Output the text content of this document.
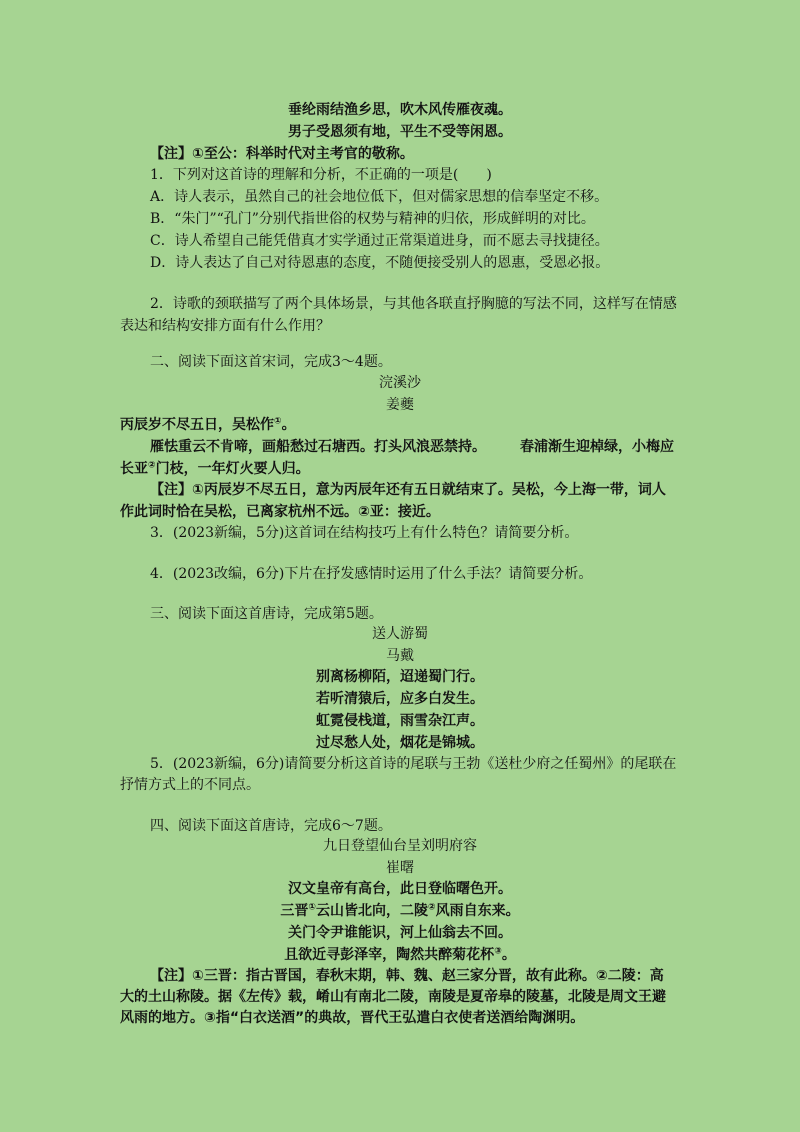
垂纶雨结渔乡思，吹木风传雁夜魂。
男子受恩须有地，平生不受等闲恩。
【注】①至公：科举时代对主考官的敬称。
1．下列对这首诗的理解和分析，不正确的一项是(　　)
A．诗人表示，虽然自己的社会地位低下，但对儒家思想的信奉坚定不移。
B．“朱门”“孔门”分别代指世俗的权势与精神的归依，形成鲜明的对比。
C．诗人希望自己能凭借真才实学通过正常渠道进身，而不愿去寻找捷径。
D．诗人表达了自己对待恩惠的态度，不随便接受别人的恩惠，受恩必报。
2．诗歌的颈联描写了两个具体场景，与其他各联直抒胸臆的写法不同，这样写在情感
表达和结构安排方面有什么作用？
二、阅读下面这首宋词，完成3～4题。
浣溪沙
姜夔
丙辰岁不尽五日，吴松作①。
雁怯重云不肯啼，画船愁过石塘西。打头风浪恶禁持。 春浦渐生迎棹绿，小梅应
长亚②门枝，一年灯火要人归。
【注】①丙辰岁不尽五日，意为丙辰年还有五日就结束了。吴松，今上海一带，词人
作此词时恰在吴松，已离家杭州不远。②亚：接近。
3．(2023新编，5分)这首词在结构技巧上有什么特色？请简要分析。
4．(2023改编，6分)下片在抒发感情时运用了什么手法？请简要分析。
三、阅读下面这首唐诗，完成第5题。
送人游蜀
马戴
别离杨柳陌，迢递蜀门行。
若听清猿后，应多白发生。
虹霓侵栈道，雨雪杂江声。
过尽愁人处，烟花是锦城。
5．(2023新编，6分)请简要分析这首诗的尾联与王勃《送杜少府之任蜀州》的尾联在
抒情方式上的不同点。
四、阅读下面这首唐诗，完成6～7题。
九日登望仙台呈刘明府容
崔曙
汉文皇帝有高台，此日登临曙色开。
三晋①云山皆北向，二陵②风雨自东来。
关门令尹谁能识，河上仙翁去不回。
且欲近寻彭泽宰，陶然共醉菊花杯③。
【注】①三晋：指古晋国，春秋末期，韩、魏、赵三家分晋，故有此称。②二陵：高
大的土山称陵。据《左传》载，崤山有南北二陵，南陵是夏帝皋的陵墓，北陵是周文王避
风雨的地方。③指“白衣送酒”的典故，晋代王弘遣白衣使者送酒给陶渊明。
